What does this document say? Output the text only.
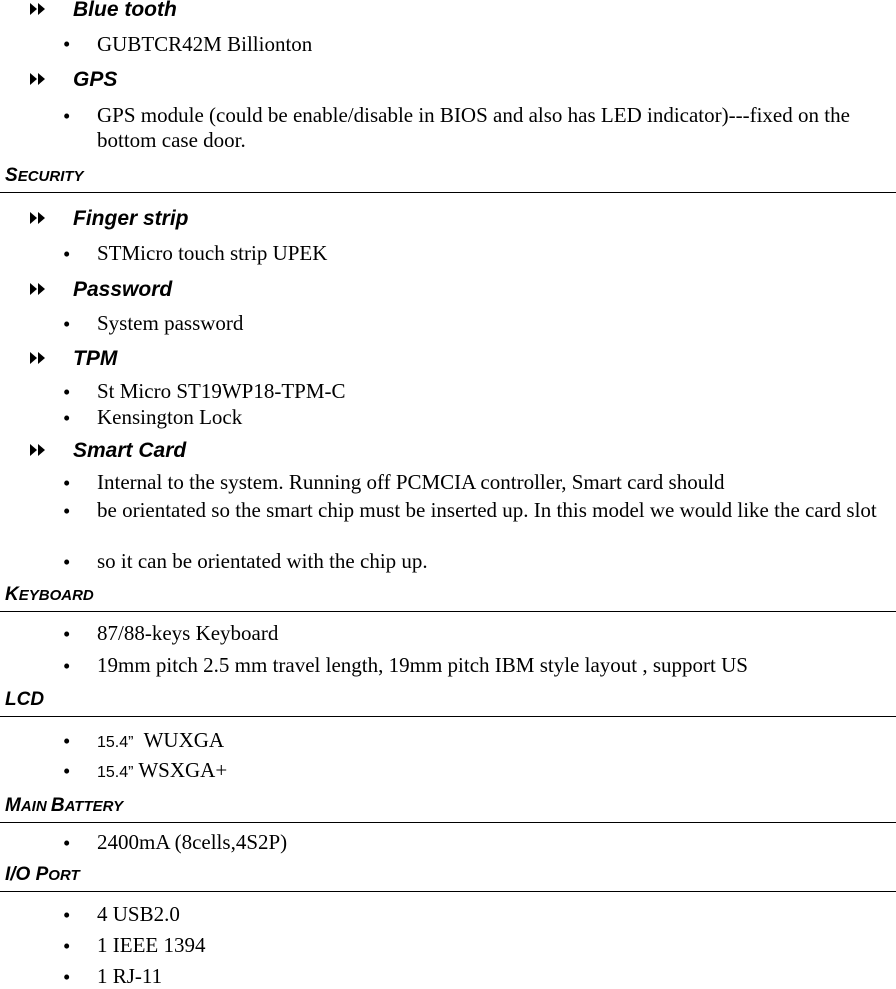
Blue tooth
• GUBTCR42M Billionton
GPS
• GPS module (could be enable/disable in BIOS and also has LED indicator)---fixed on the bottom case door.
SECURITY
Finger strip
• STMicro touch strip UPEK
Password
• System password
TPM
• St Micro ST19WP18-TPM-C
• Kensington Lock
Smart Card
• Internal to the system. Running off PCMCIA controller, Smart card should
• be orientated so the smart chip must be inserted up. In this model we would like the card slot
• so it can be orientated with the chip up.
KEYBOARD
• 87/88-keys Keyboard
• 19mm pitch 2.5 mm travel length, 19mm pitch IBM style layout , support US
LCD
• 15.4”  WUXGA
• 15.4” WSXGA+
MAIN BATTERY
• 2400mA (8cells,4S2P)
I/O PORT
• 4 USB2.0
• 1 IEEE 1394
• 1 RJ-11
